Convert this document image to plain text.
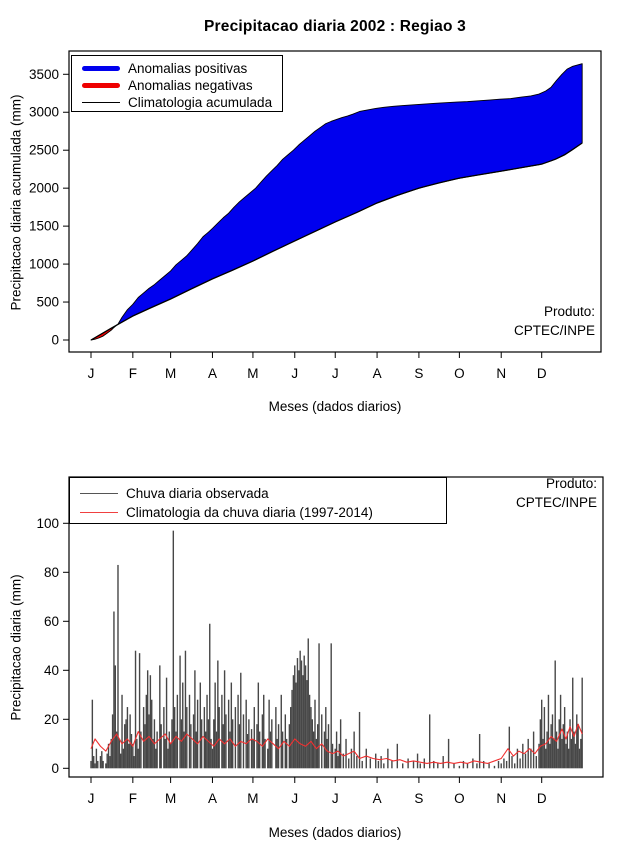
0
500
1000
1500
2000
2500
3000
3500
J	F M A M J J	A S O N D
0
20
40
60
80
100
J	F M A M J J	A S O N D
Precipitacao diaria 2002 : Regiao 3
Precipitacao diaria acumulada (mm)
Meses (dados diarios)
Anomalias positivas
Anomalias negativas
Climatologia acumulada
Produto:
CPTEC/INPE
Precipitacao diaria (mm)
Meses (dados diarios)
Chuva diaria observada
Climatologia da chuva diaria (1997-2014)
Produto:
CPTEC/INPE
